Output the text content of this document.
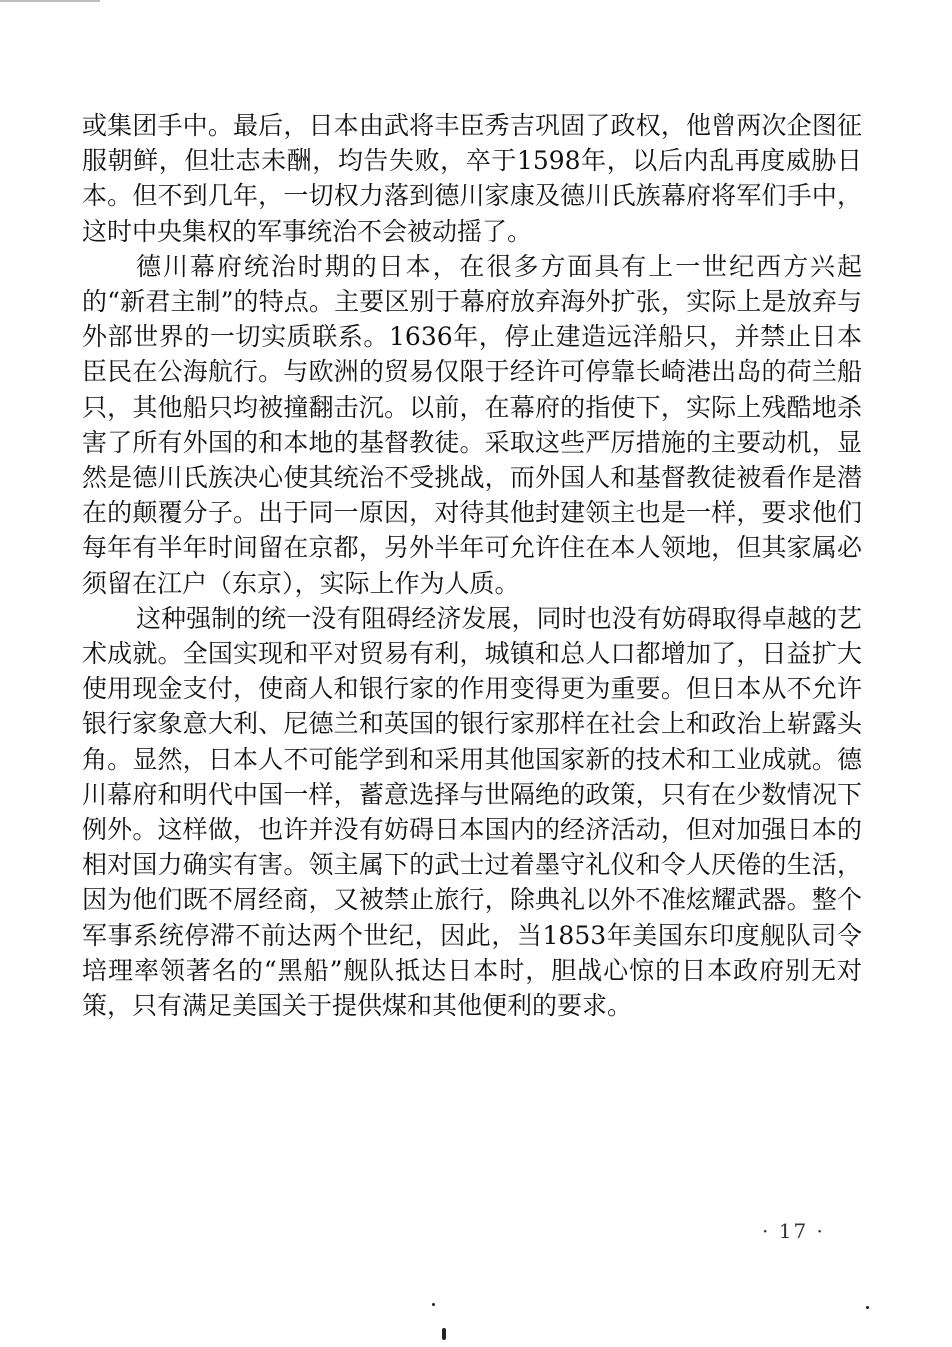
或集团手中。最后，日本由武将丰臣秀吉巩固了政权，他曾两次企图征服朝鲜，但壮志未酬，均告失败，卒于1598年，以后内乱再度威胁日本。但不到几年，一切权力落到德川家康及德川氏族幕府将军们手中，这时中央集权的军事统治不会被动摇了。

德川幕府统治时期的日本，在很多方面具有上一世纪西方兴起的“新君主制”的特点。主要区别于幕府放弃海外扩张，实际上是放弃与外部世界的一切实质联系。1636年，停止建造远洋船只，并禁止日本臣民在公海航行。与欧洲的贸易仅限于经许可停靠长崎港出岛的荷兰船只，其他船只均被撞翻击沉。以前，在幕府的指使下，实际上残酷地杀害了所有外国的和本地的基督教徒。采取这些严厉措施的主要动机，显然是德川氏族决心使其统治不受挑战，而外国人和基督教徒被看作是潜在的颠覆分子。出于同一原因，对待其他封建领主也是一样，要求他们每年有半年时间留在京都，另外半年可允许住在本人领地，但其家属必须留在江户（东京），实际上作为人质。

这种强制的统一没有阻碍经济发展，同时也没有妨碍取得卓越的艺术成就。全国实现和平对贸易有利，城镇和总人口都增加了，日益扩大使用现金支付，使商人和银行家的作用变得更为重要。但日本从不允许银行家象意大利、尼德兰和英国的银行家那样在社会上和政治上崭露头角。显然，日本人不可能学到和采用其他国家新的技术和工业成就。德川幕府和明代中国一样，蓄意选择与世隔绝的政策，只有在少数情况下例外。这样做，也许并没有妨碍日本国内的经济活动，但对加强日本的相对国力确实有害。领主属下的武士过着墨守礼仪和令人厌倦的生活，因为他们既不屑经商，又被禁止旅行，除典礼以外不准炫耀武器。整个军事系统停滞不前达两个世纪，因此，当1853年美国东印度舰队司令培理率领著名的“黑船”舰队抵达日本时，胆战心惊的日本政府别无对策，只有满足美国关于提供煤和其他便利的要求。

· 17 ·
